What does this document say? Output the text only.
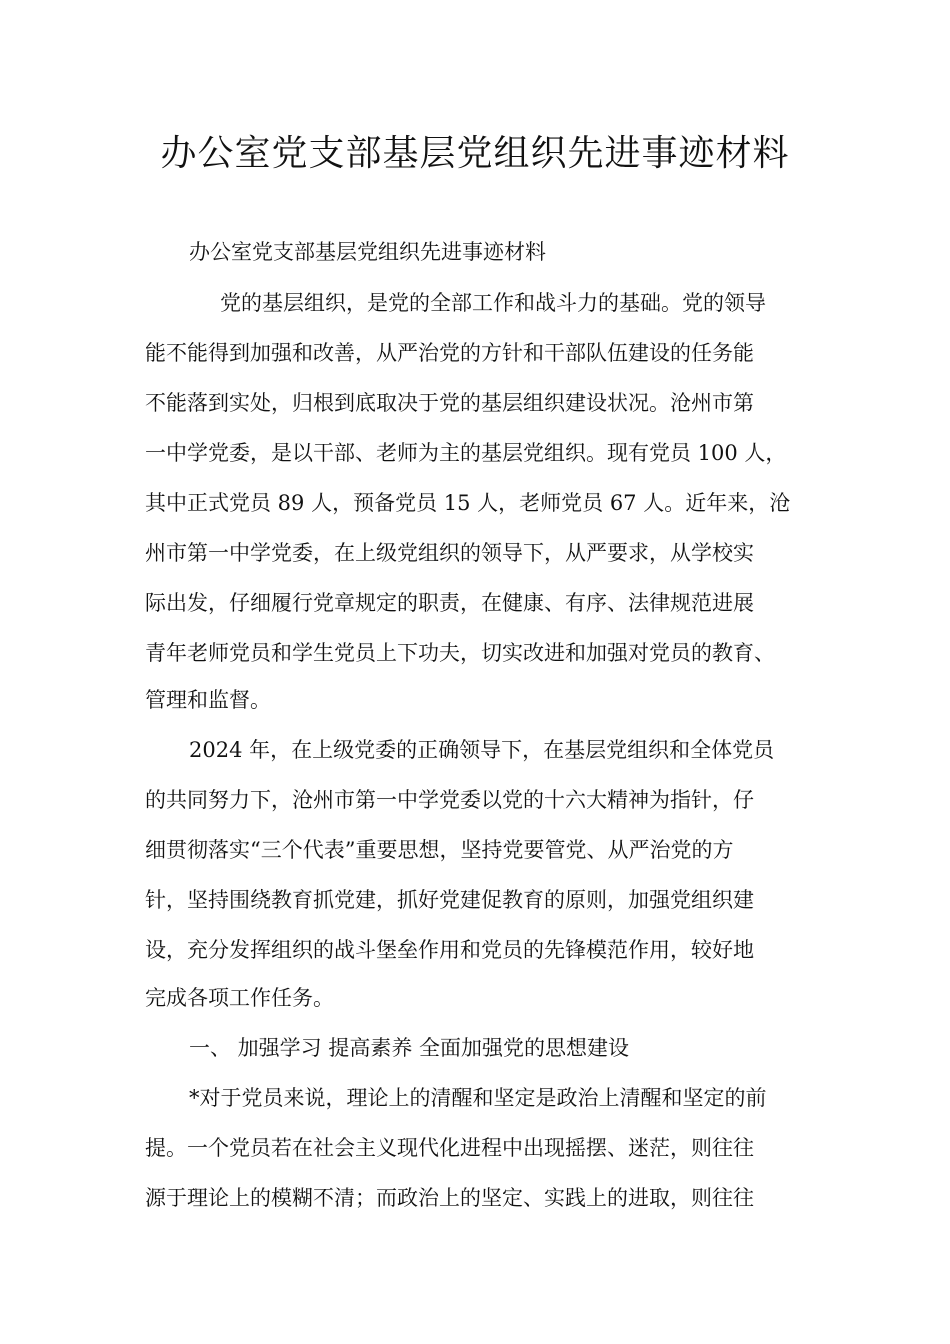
办公室党支部基层党组织先进事迹材料
办公室党支部基层党组织先进事迹材料
党的基层组织，是党的全部工作和战斗力的基础。党的领导
能不能得到加强和改善，从严治党的方针和干部队伍建设的任务能
不能落到实处，归根到底取决于党的基层组织建设状况。沧州市第
一中学党委，是以干部、老师为主的基层党组织。现有党员 100 人，
其中正式党员 89 人，预备党员 15 人，老师党员 67 人。近年来，沧
州市第一中学党委，在上级党组织的领导下，从严要求，从学校实
际出发，仔细履行党章规定的职责，在健康、有序、法律规范进展
青年老师党员和学生党员上下功夫，切实改进和加强对党员的教育、
管理和监督。
2024 年，在上级党委的正确领导下，在基层党组织和全体党员
的共同努力下，沧州市第一中学党委以党的十六大精神为指针，仔
细贯彻落实“三个代表”重要思想，坚持党要管党、从严治党的方
针，坚持围绕教育抓党建，抓好党建促教育的原则，加强党组织建
设，充分发挥组织的战斗堡垒作用和党员的先锋模范作用，较好地
完成各项工作任务。
一、 加强学习 提高素养 全面加强党的思想建设
*对于党员来说，理论上的清醒和坚定是政治上清醒和坚定的前
提。一个党员若在社会主义现代化进程中出现摇摆、迷茫，则往往
源于理论上的模糊不清；而政治上的坚定、实践上的进取，则往往
